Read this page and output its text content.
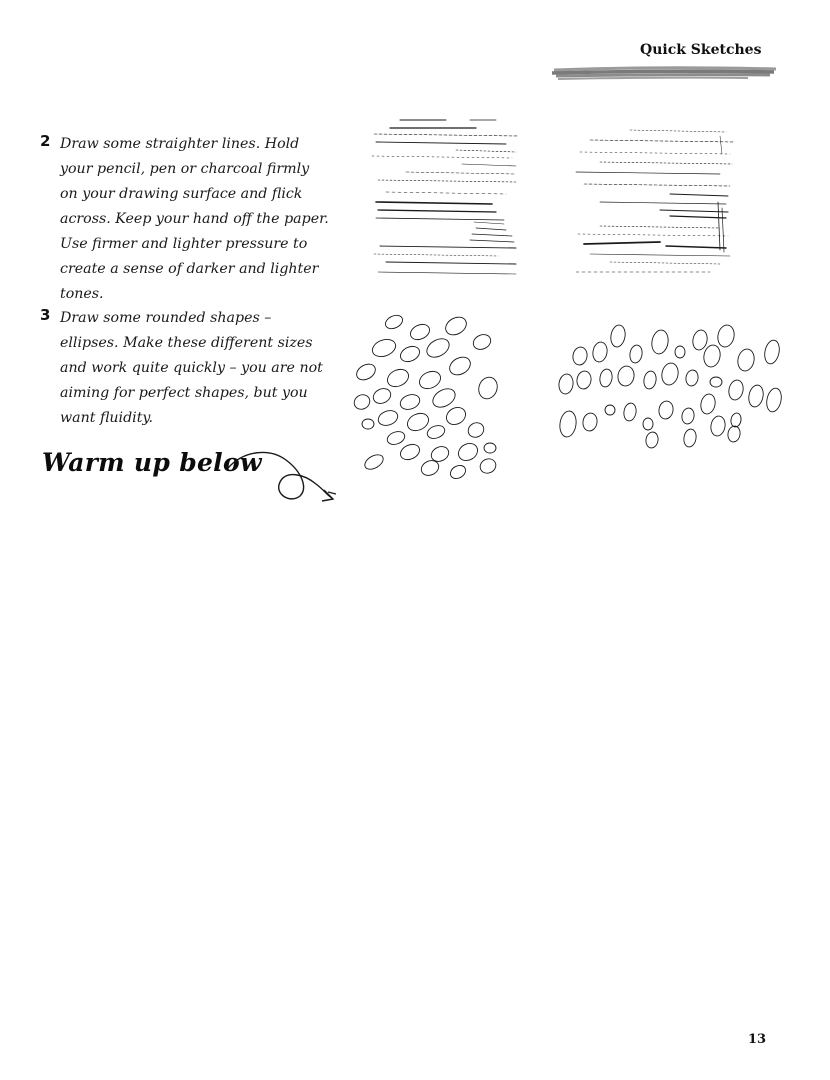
Quick Sketches
2 Draw some straighter lines. Hold your pencil, pen or charcoal firmly on your drawing surface and flick across. Keep your hand off the paper. Use firmer and lighter pressure to create a sense of darker and lighter tones.
3 Draw some rounded shapes – ellipses. Make these different sizes and work quite quickly – you are not aiming for perfect shapes, but you want fluidity.
Warm up below
13
